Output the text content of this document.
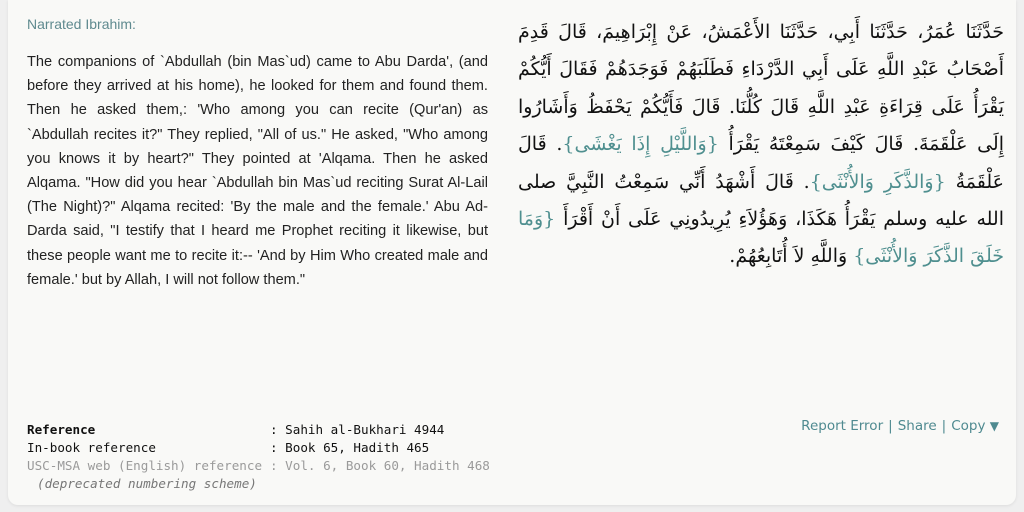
Narrated Ibrahim:

The companions of `Abdullah (bin Mas`ud) came to Abu Darda', (and before they arrived at his home), he looked for them and found them. Then he asked them,: 'Who among you can recite (Qur'an) as `Abdullah recites it?" They replied, "All of us." He asked, "Who among you knows it by heart?" They pointed at 'Alqama. Then he asked Alqama. "How did you hear `Abdullah bin Mas`ud reciting Surat Al-Lail (The Night)?" Alqama recited: 'By the male and the female.' Abu Ad-Darda said, "I testify that I heard me Prophet reciting it likewise, but these people want me to recite it:-- 'And by Him Who created male and female.' but by Allah, I will not follow them."

حَدَّثَنَا عُمَرُ، حَدَّثَنَا أَبِي، حَدَّثَنَا الأَعْمَشُ، عَنْ إِبْرَاهِيمَ، قَالَ قَدِمَ أَصْحَابُ عَبْدِ اللَّهِ عَلَى أَبِي الدَّرْدَاءِ فَطَلَبَهُمْ فَوَجَدَهُمْ فَقَالَ أَيُّكُمْ يَقْرَأُ عَلَى قِرَاءَةِ عَبْدِ اللَّهِ قَالَ كُلُّنَا‏.‏ قَالَ فَأَيُّكُمْ يَحْفَظُ وَأَشَارُوا إِلَى عَلْقَمَةَ‏.‏ قَالَ كَيْفَ سَمِعْتَهُ يَقْرَأُ {وَاللَّيْلِ إِذَا يَغْشَى}‏.‏ قَالَ عَلْقَمَةُ {وَالذَّكَرِ وَالأُنْثَى}‏.‏ قَالَ أَشْهَدُ أَنِّي سَمِعْتُ النَّبِيَّ صلى الله عليه وسلم يَقْرَأُ هَكَذَا، وَهَؤُلاَءِ يُرِيدُونِي عَلَى أَنْ أَقْرَأَ {وَمَا خَلَقَ الذَّكَرَ وَالأُنْثَى} وَاللَّهِ لاَ أُتَابِعُهُمْ‏.

Reference	: Sahih al-Bukhari 4944
In-book reference	: Book 65, Hadith 465
USC-MSA web (English) reference : Vol. 6, Book 60, Hadith 468
(deprecated numbering scheme)
Report Error | Share | Copy ▼
